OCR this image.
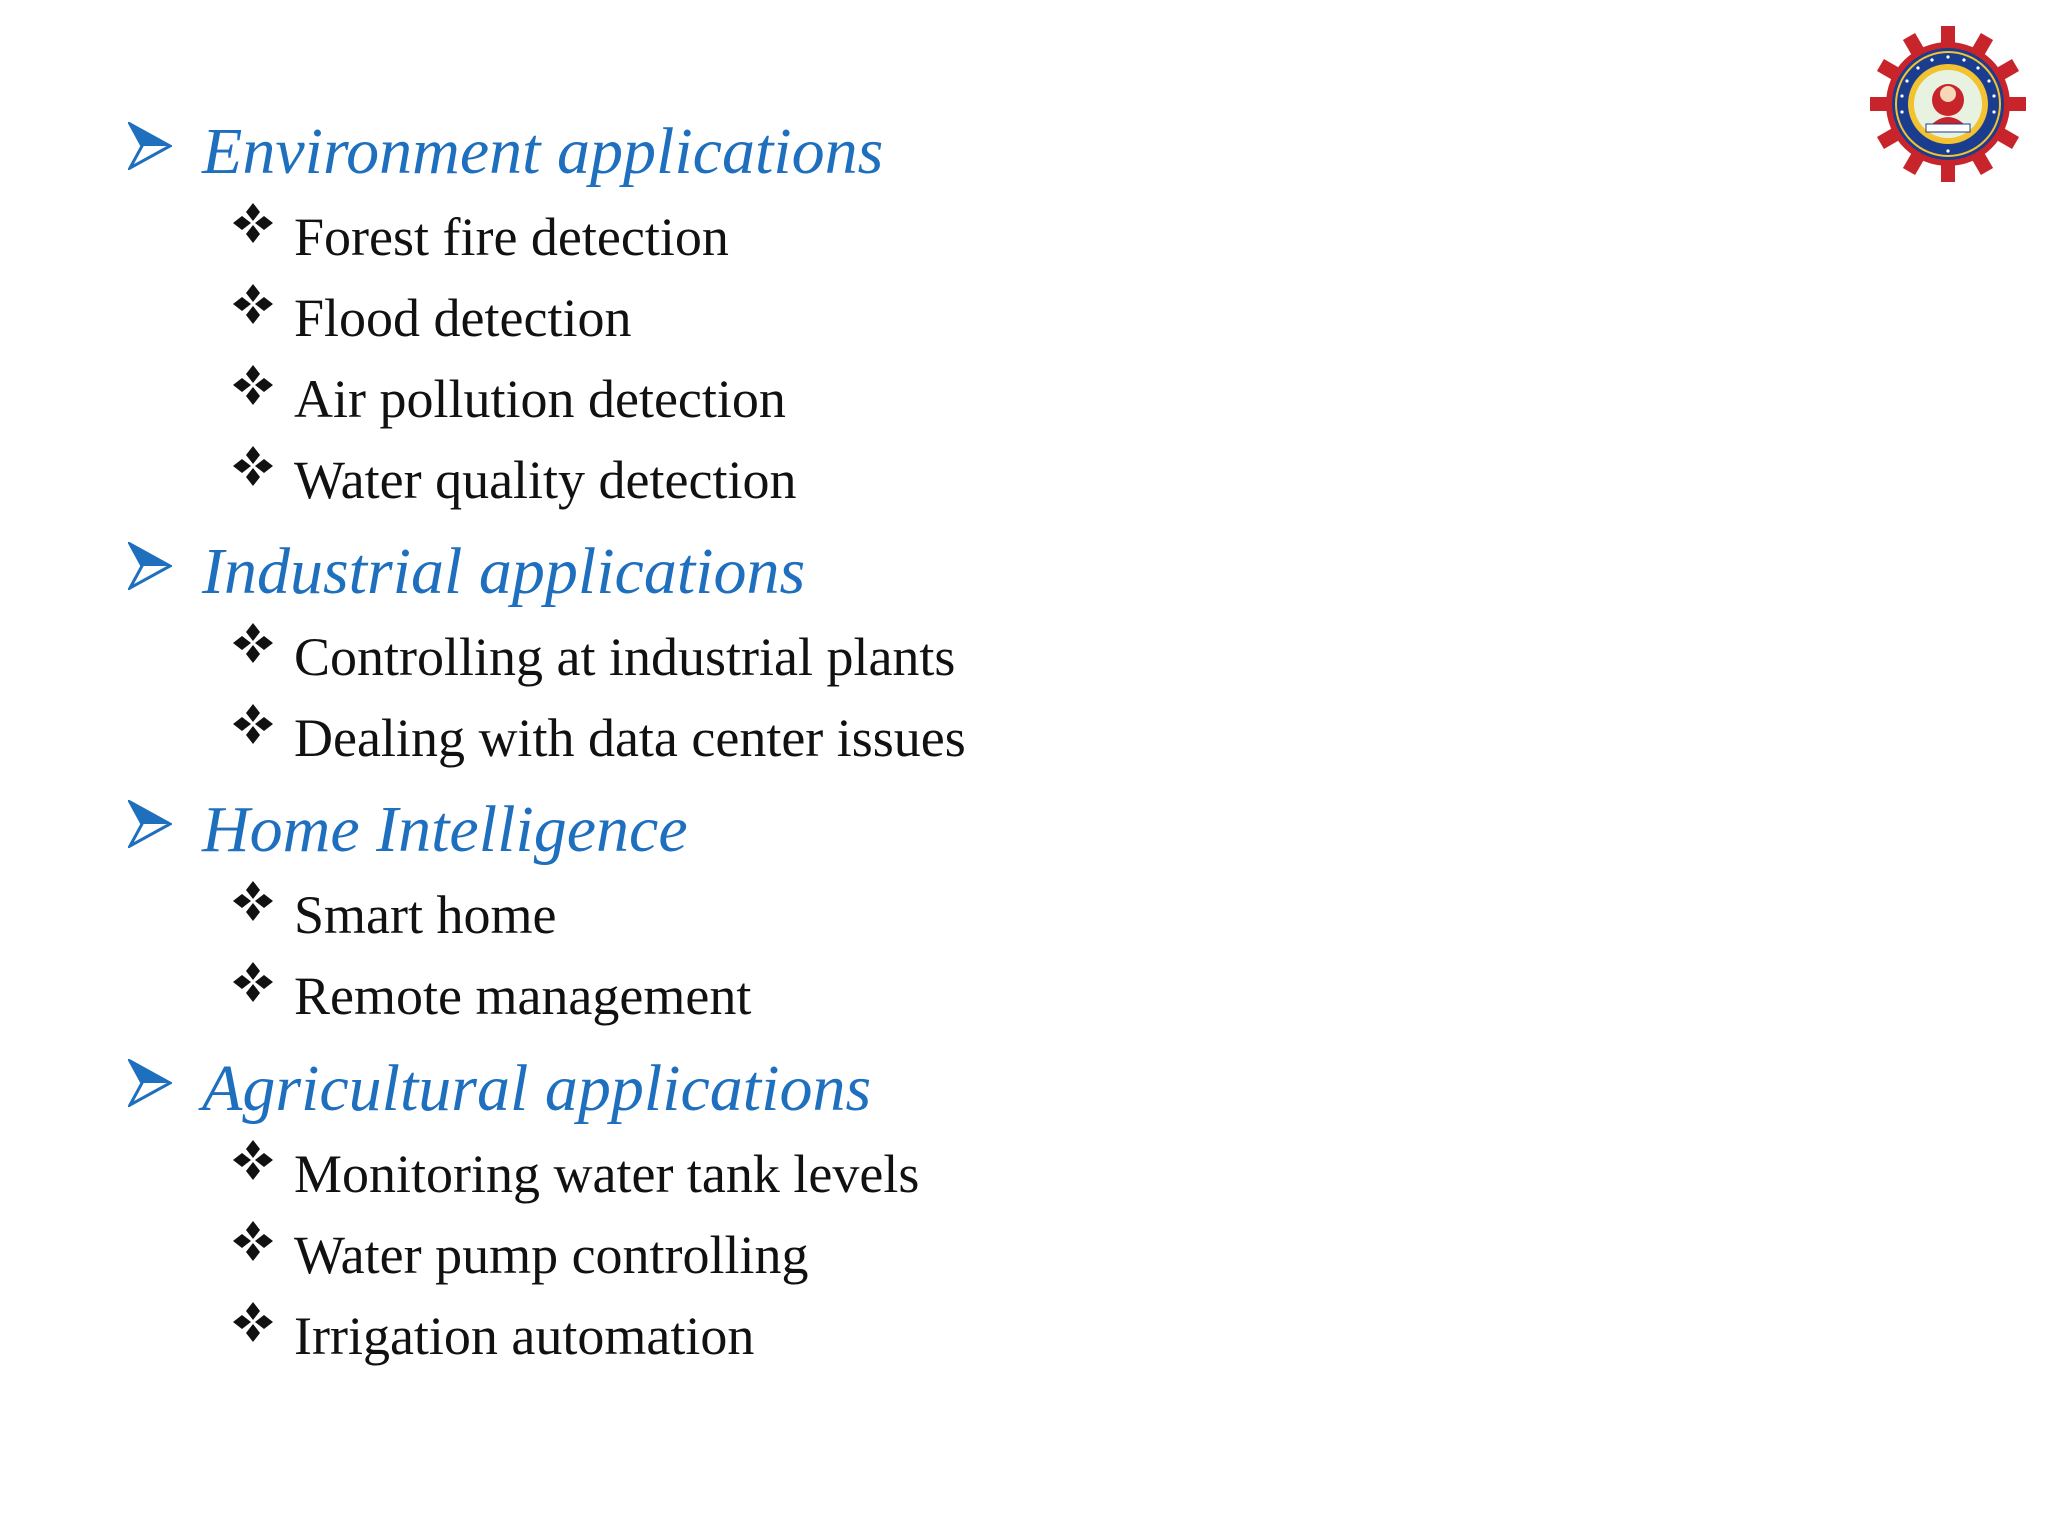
Environment applications
Forest fire detection
Flood detection
Air pollution detection
Water quality detection
Industrial applications
Controlling at industrial plants
Dealing with data center issues
Home Intelligence
Smart home
Remote management
Agricultural applications
Monitoring water tank levels
Water pump controlling
Irrigation automation
